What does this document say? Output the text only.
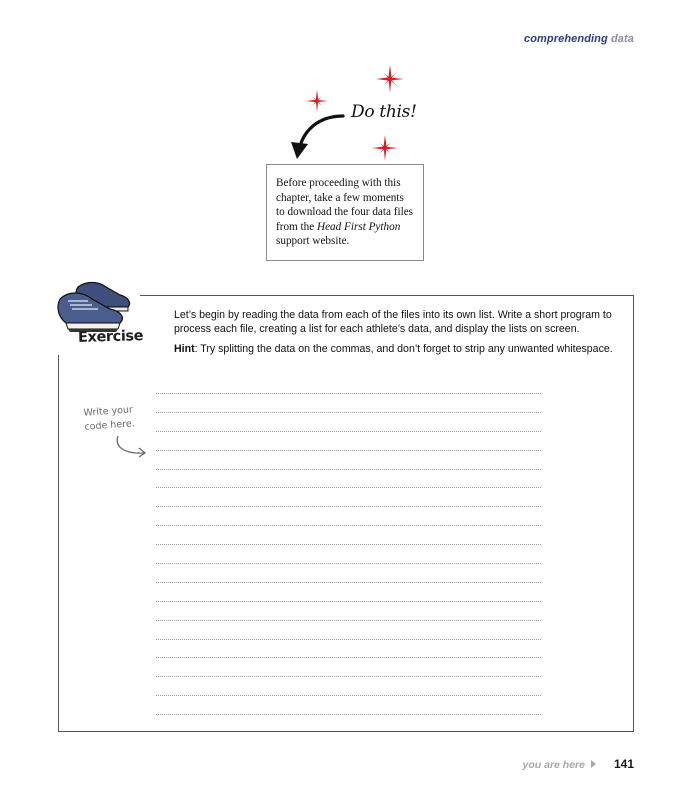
comprehending data
Do this!
Before proceeding with this chapter, take a few moments to download the four data files from the Head First Python support website.
Exercise

Let’s begin by reading the data from each of the files into its own list. Write a short program to process each file, creating a list for each athlete’s data, and display the lists on screen.

Hint: Try splitting the data on the commas, and don’t forget to strip any unwanted whitespace.

Write your
code here.
you are here 141
